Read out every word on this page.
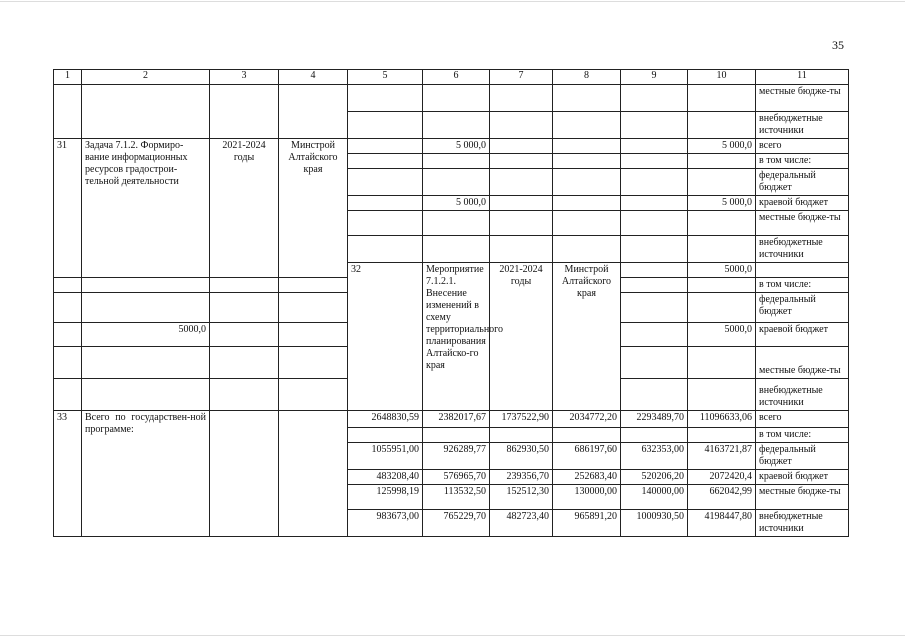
35
1	2	3	4	5	6	7	8	9	10	11	
										местные бюдже-ты	
										внебюджетные источники	
31	Задача 7.1.2. Формиро-вание информационных ресурсов градострои-тельной деятельности	2021-2024 годы	Минстрой Алтайского края		5 000,0				5 000,0	всего	
										в том числе:	
										федеральный бюджет	
					5 000,0				5 000,0	краевой бюджет	
										местные бюдже-ты	
										внебюджетные источники	
				32	Мероприятие 7.1.2.1. Внесение изменений в схему территориального планирования Алтайско-го края	2021-2024 годы	Минстрой Алтайского края		5000,0					
										в том числе:	
										федеральный бюджет	
	5000,0								5000,0	краевой бюджет	
										местные бюдже-ты	
										внебюджетные источники	
33	Всего по государствен-ной программе:			2648830,59	2382017,67	1737522,90	2034772,20	2293489,70	11096633,06	всего	
										в том числе:	
				1055951,00	926289,77	862930,50	686197,60	632353,00	4163721,87	федеральный бюджет	
				483208,40	576965,70	239356,70	252683,40	520206,20	2072420,4	краевой бюджет	
				125998,19	113532,50	152512,30	130000,00	140000,00	662042,99	местные бюдже-ты	
				983673,00	765229,70	482723,40	965891,20	1000930,50	4198447,80	внебюджетные источники	
